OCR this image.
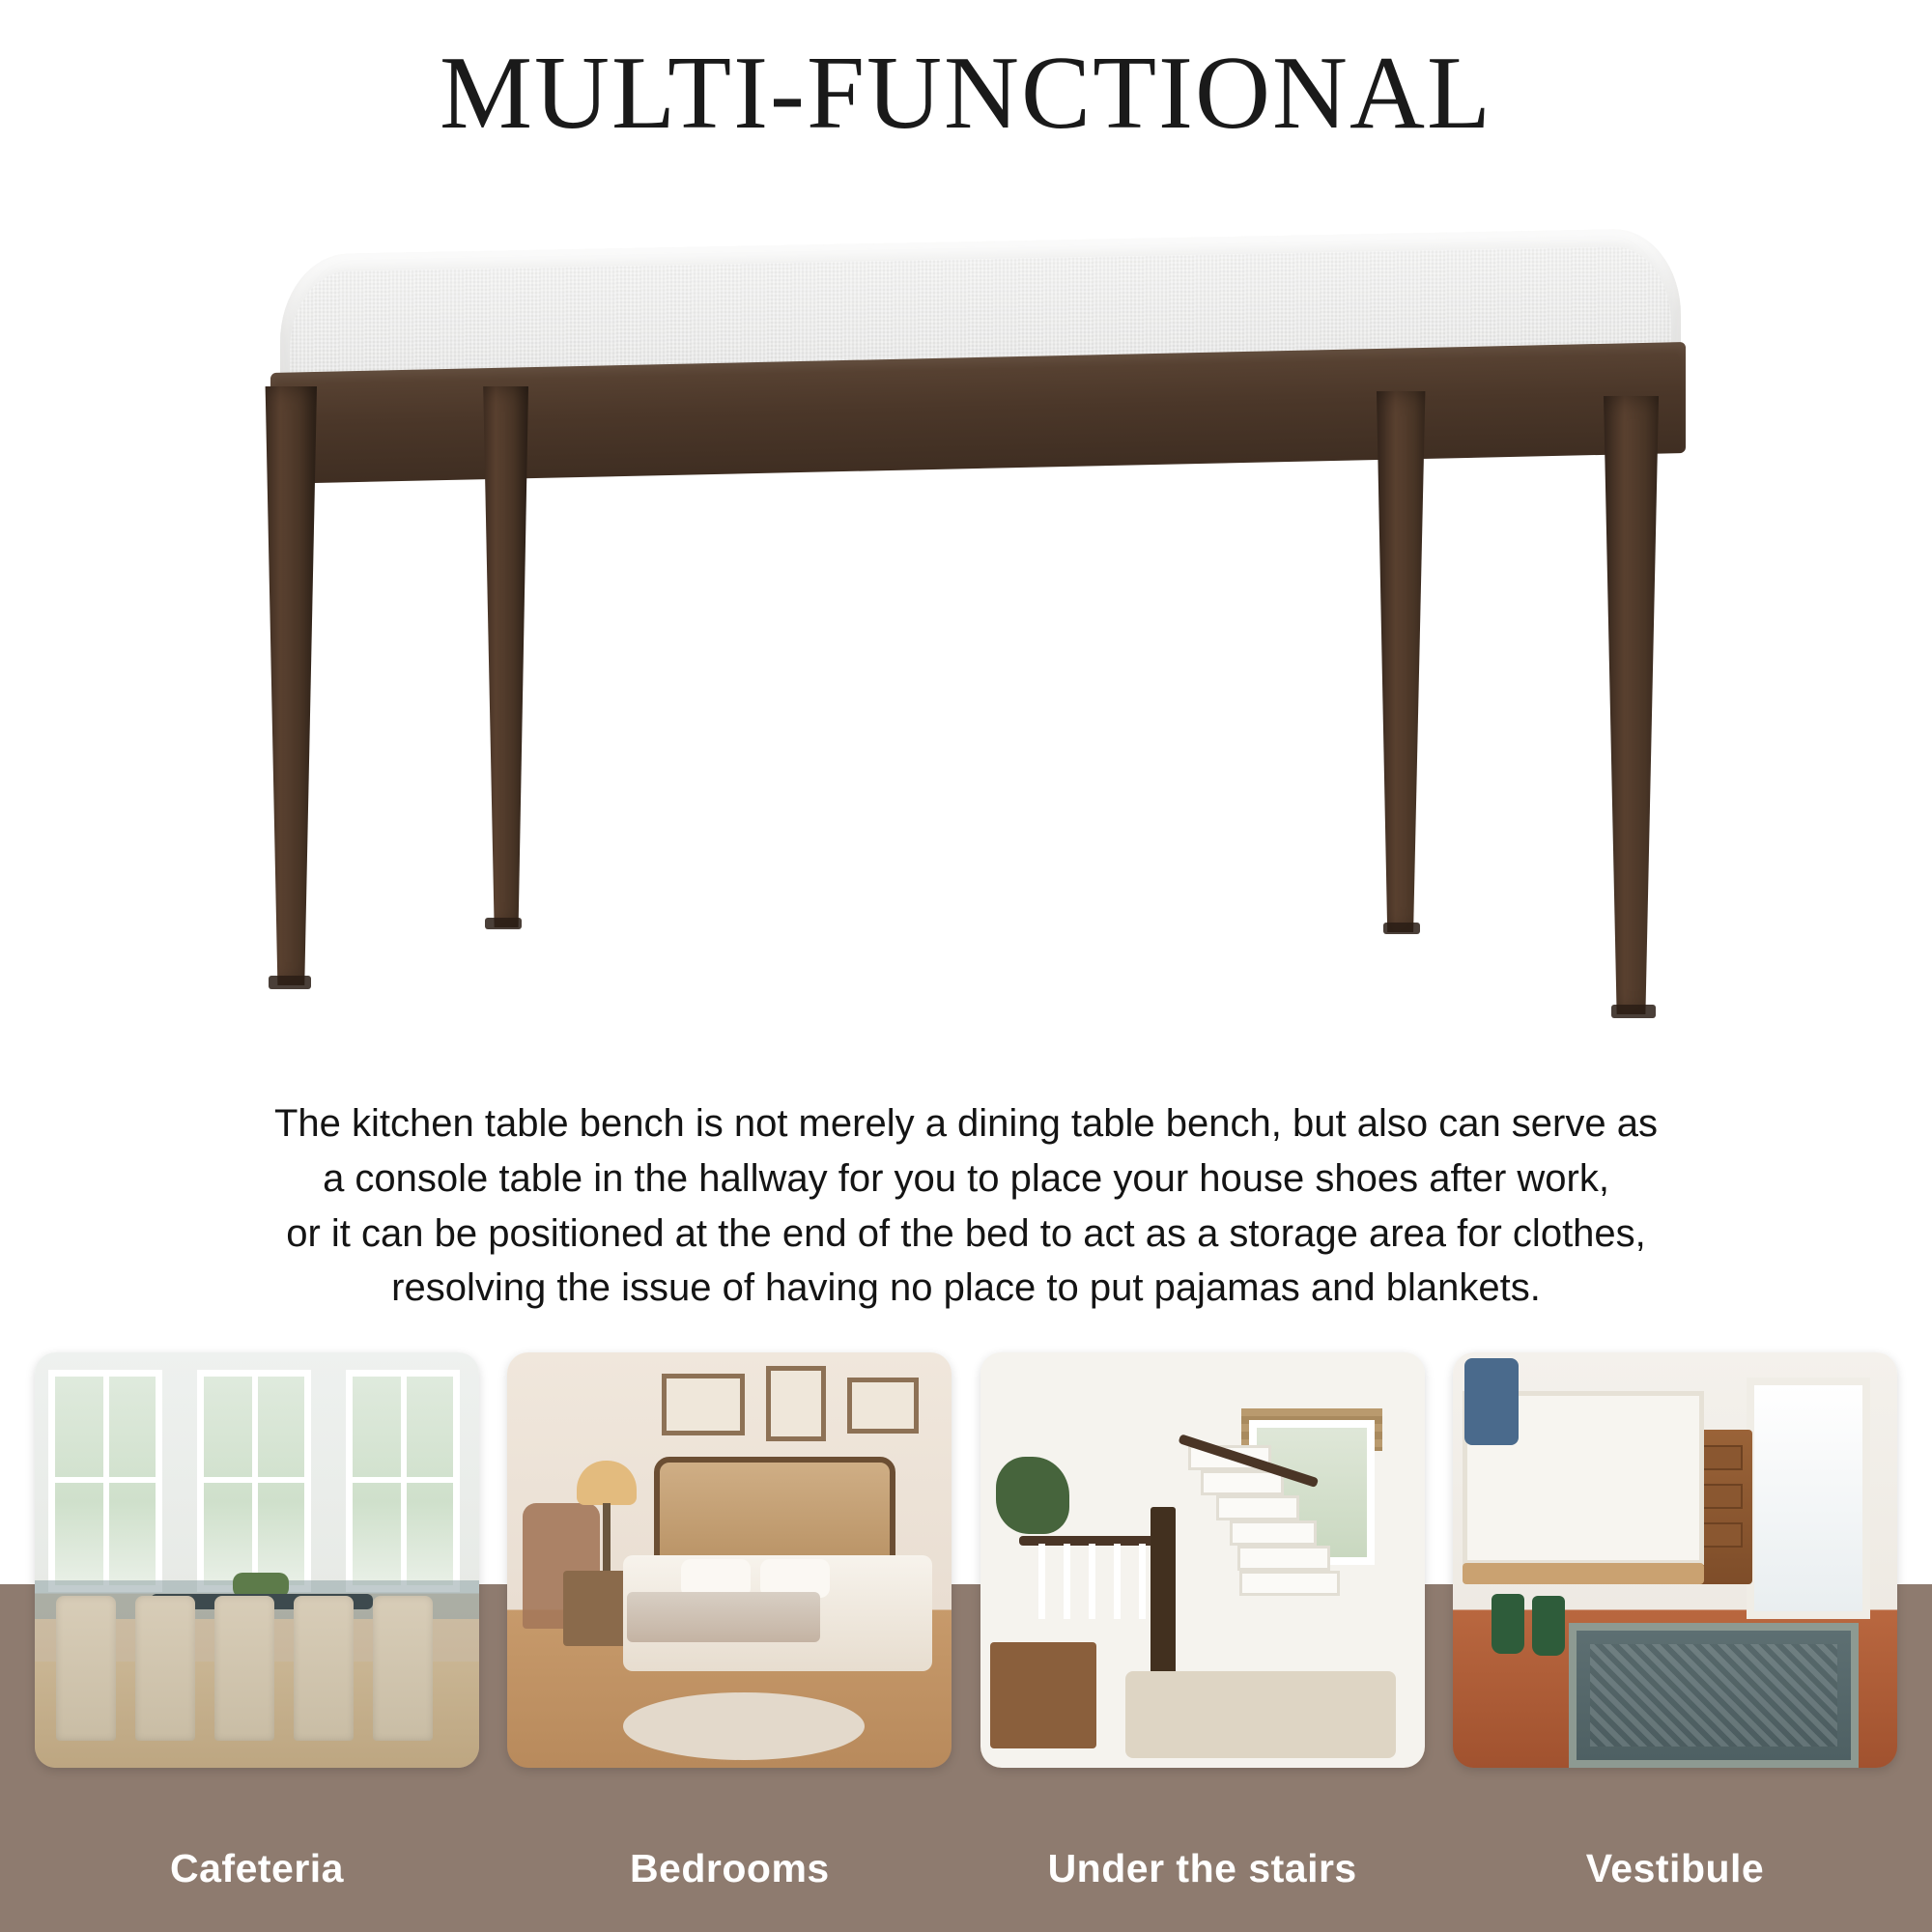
MULTI-FUNCTIONAL
The kitchen table bench is not merely a dining table bench, but also can serve as
a console table in the hallway for you to place your house shoes after work,
or it can be positioned at the end of the bed to act as a storage area for clothes,
resolving the issue of having no place to put pajamas and blankets.
Cafeteria	Bedrooms	Under the stairs	Vestibule
